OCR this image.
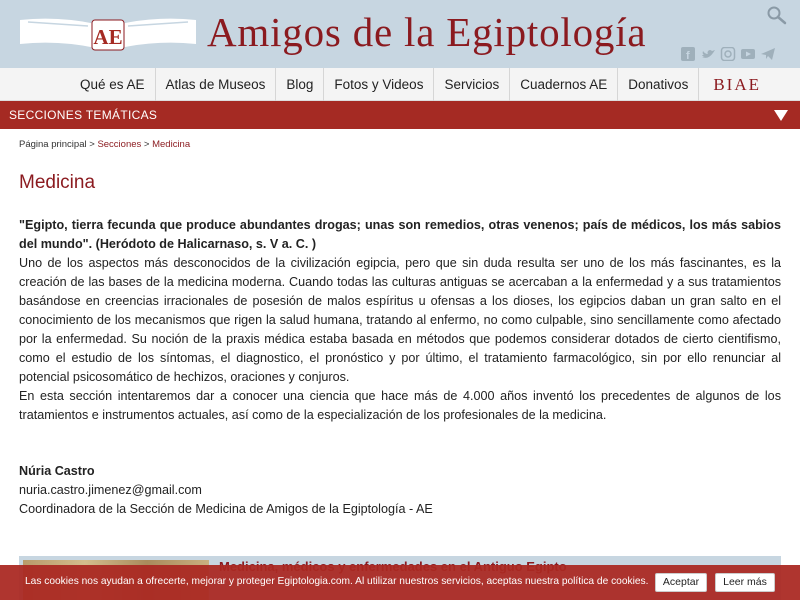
AE Amigos de la Egiptología
f
Qué es AE	Atlas de Museos	Blog	Fotos y Videos	Servicios	Cuadernos AE	Donativos	BIAE
SECCIONES TEMÁTICAS
Página principal > Secciones > Medicina
Medicina
"Egipto, tierra fecunda que produce abundantes drogas; unas son remedios, otras venenos; país de médicos, los más sabios del mundo". (Heródoto de Halicarnaso, s. V a. C. )
Uno de los aspectos más desconocidos de la civilización egipcia, pero que sin duda resulta ser uno de los más fascinantes, es la creación de las bases de la medicina moderna. Cuando todas las culturas antiguas se acercaban a la enfermedad y a sus tratamientos basándose en creencias irracionales de posesión de malos espíritus u ofensas a los dioses, los egipcios daban un gran salto en el conocimiento de los mecanismos que rigen la salud humana, tratando al enfermo, no como culpable, sino sencillamente como afectado por la enfermedad. Su noción de la praxis médica estaba basada en métodos que podemos considerar dotados de cierto cientifismo, como el estudio de los síntomas, el diagnostico, el pronóstico y por último, el tratamiento farmacológico, sin por ello renunciar al potencial psicosomático de hechizos, oraciones y conjuros.
En esta sección intentaremos dar a conocer una ciencia que hace más de 4.000 años inventó los precedentes de algunos de los tratamientos e instrumentos actuales, así como de la especialización de los profesionales de la medicina.
Núria Castro
nuria.castro.jimenez@gmail.com
Coordinadora de la Sección de Medicina de Amigos de la Egiptología - AE
Las cookies nos ayudan a ofrecerte, mejorar y proteger Egiptologia.com. Al utilizar nuestros servicios, aceptas nuestra política de cookies.	Aceptar	Leer más
